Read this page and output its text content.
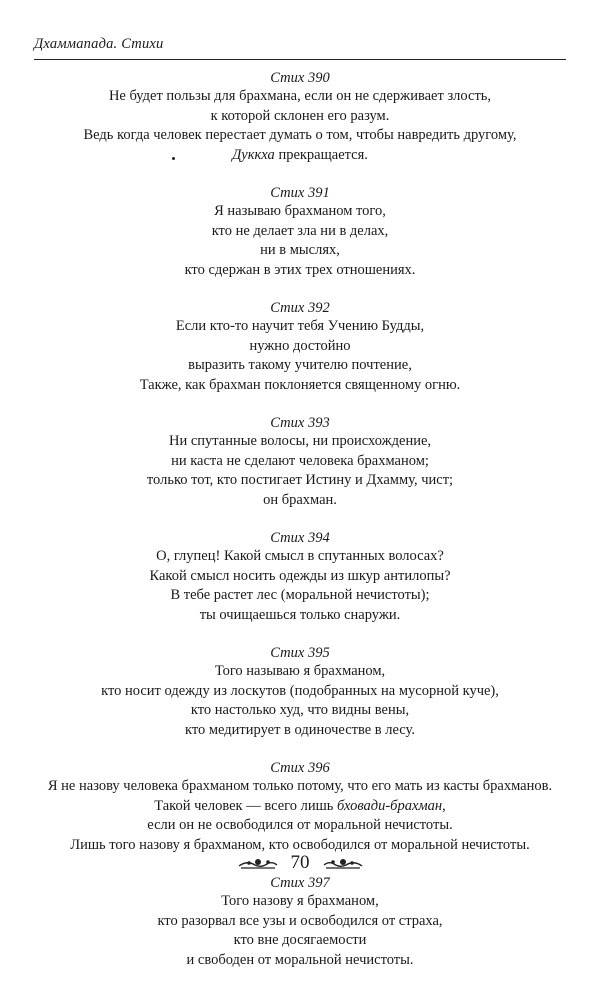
Дхаммапада. Стихи
Стих 390
Не будет пользы для брахмана, если он не сдерживает злость,
к которой склонен его разум.
Ведь когда человек перестает думать о том, чтобы навредить другому,
Дуккха прекращается.
Стих 391
Я называю брахманом того,
кто не делает зла ни в делах,
ни в мыслях,
кто сдержан в этих трех отношениях.
Стих 392
Если кто-то научит тебя Учению Будды,
нужно достойно
выразить такому учителю почтение,
Также, как брахман поклоняется священному огню.
Стих 393
Ни спутанные волосы, ни происхождение,
ни каста не сделают человека брахманом;
только тот, кто постигает Истину и Дхамму, чист;
он брахман.
Стих 394
О, глупец! Какой смысл в спутанных волосах?
Какой смысл носить одежды из шкур антилопы?
В тебе растет лес (моральной нечистоты);
ты очищаешься только снаружи.
Стих 395
Того называю я брахманом,
кто носит одежду из лоскутов (подобранных на мусорной куче),
кто настолько худ, что видны вены,
кто медитирует в одиночестве в лесу.
Стих 396
Я не назову человека брахманом только потому, что его мать из касты брахманов.
Такой человек — всего лишь бховади-брахман,
если он не освободился от моральной нечистоты.
Лишь того назову я брахманом, кто освободился от моральной нечистоты.
Стих 397
Того назову я брахманом,
кто разорвал все узы и освободился от страха,
кто вне досягаемости
и свободен от моральной нечистоты.
70
